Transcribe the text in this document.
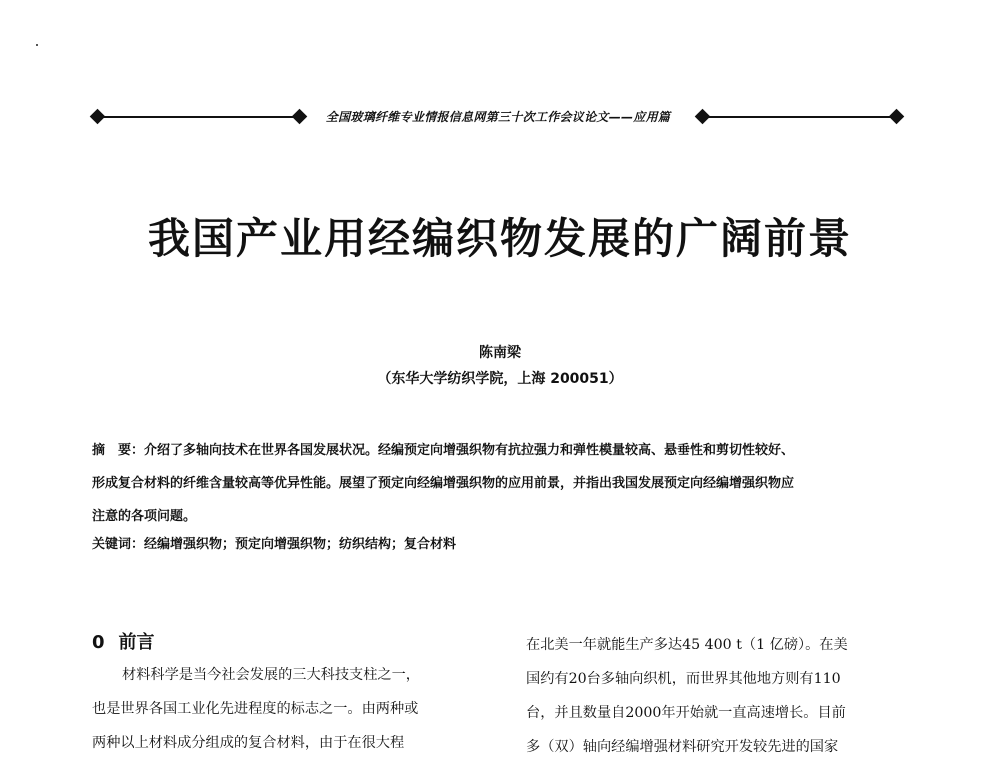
全国玻璃纤维专业情报信息网第三十次工作会议论文——应用篇
我国产业用经编织物发展的广阔前景
陈南梁
（东华大学纺织学院，上海 200051）
摘　要：介绍了多轴向技术在世界各国发展状况。经编预定向增强织物有抗拉强力和弹性模量较高、悬垂性和剪切性较好、
形成复合材料的纤维含量较高等优异性能。展望了预定向经编增强织物的应用前景，并指出我国发展预定向经编增强织物应
注意的各项问题。
关键词：经编增强织物；预定向增强织物；纺织结构；复合材料
0 前言
材料科学是当今社会发展的三大科技支柱之一，
也是世界各国工业化先进程度的标志之一。由两种或
两种以上材料成分组成的复合材料，由于在很大程
在北美一年就能生产多达45 400 t（1 亿磅）。在美
国约有20台多轴向织机，而世界其他地方则有110
台，并且数量自2000年开始就一直高速增长。目前
多（双）轴向经编增强材料研究开发较先进的国家
